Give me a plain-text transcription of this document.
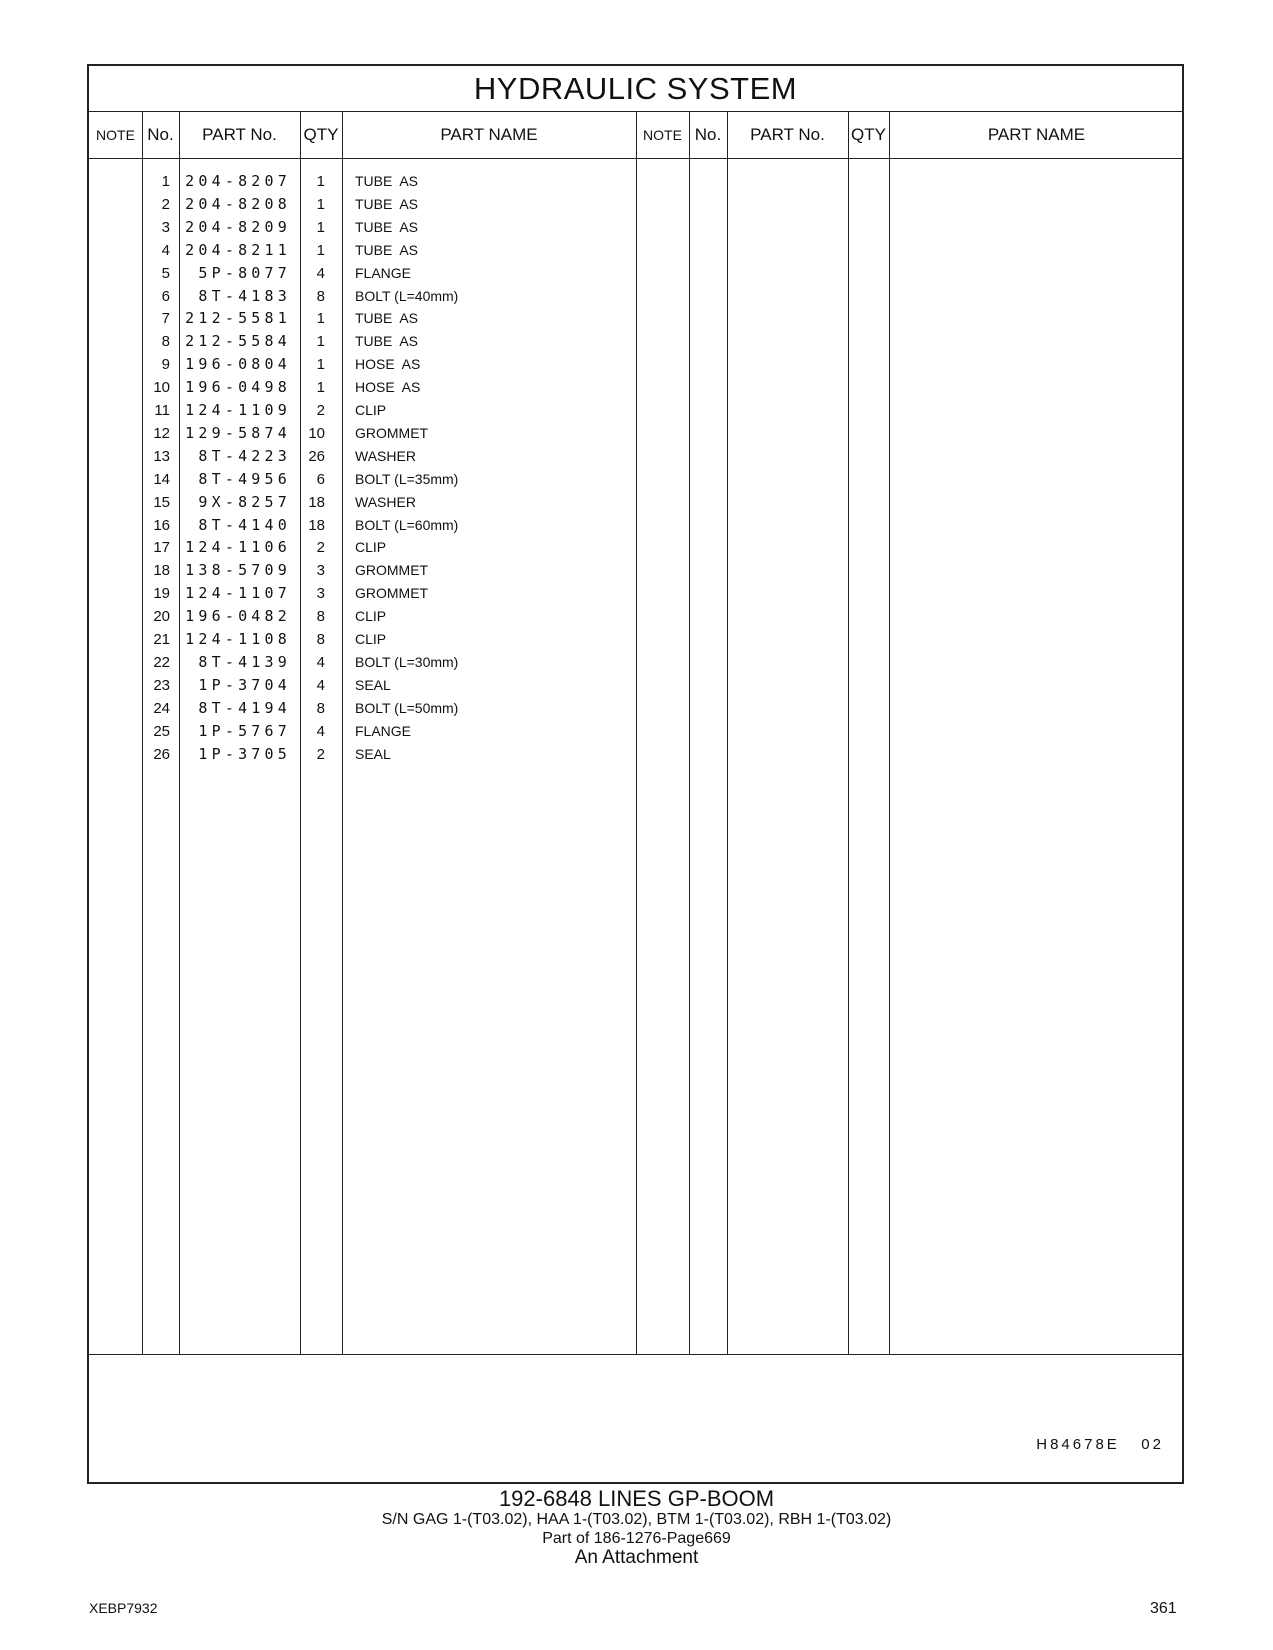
HYDRAULIC SYSTEM
NOTE No.	PART No.	QTY	PART NAME	NOTE No.	PART No.	QTY	PART NAME
1	204-8207	1 TUBE  AS
2	204-8208	1 TUBE  AS
3	204-8209	1 TUBE  AS
4	204-8211	1 TUBE  AS
5	5P-8077	4 FLANGE
6	8T-4183	8 BOLT (L=40mm)
7	212-5581	1 TUBE  AS
8	212-5584	1 TUBE  AS
9	196-0804	1 HOSE  AS
10	196-0498	1 HOSE  AS
11	124-1109	2 CLIP
12	129-5874	10 GROMMET
13	8T-4223	26 WASHER
14	8T-4956	6 BOLT (L=35mm)
15	9X-8257	18 WASHER
16	8T-4140	18 BOLT (L=60mm)
17	124-1106	2 CLIP
18	138-5709	3 GROMMET
19	124-1107	3 GROMMET
20	196-0482	8 CLIP
21	124-1108	8 CLIP
22	8T-4139	4 BOLT (L=30mm)
23	1P-3704	4 SEAL
24	8T-4194	8 BOLT (L=50mm)
25	1P-5767	4 FLANGE
26	1P-3705	2 SEAL
H84678E   02
192-6848 LINES GP-BOOM
S/N GAG 1-(T03.02), HAA 1-(T03.02), BTM 1-(T03.02), RBH 1-(T03.02)
Part of 186-1276-Page669
An Attachment
XEBP7932	361
